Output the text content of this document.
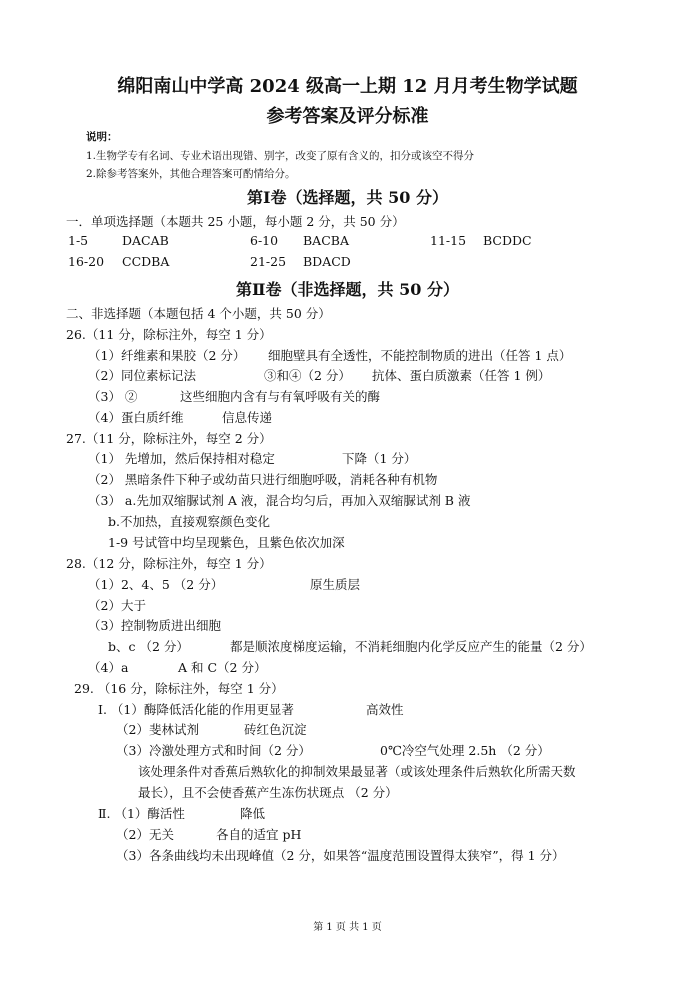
绵阳南山中学高 2024 级高一上期 12 月月考生物学试题
参考答案及评分标准
说明：
1.生物学专有名词、专业术语出现错、别字，改变了原有含义的，扣分或该空不得分
2.除参考答案外，其他合理答案可酌情给分。
第Ⅰ卷（选择题，共 50 分）
一．单项选择题（本题共 25 小题，每小题 2 分，共 50 分）
1-5	DACAB	6-10 BACBA	11-15 BCDDC
16-20 CCDBA	21-25 BDACD
第Ⅱ卷（非选择题，共 50 分）
二、非选择题（本题包括 4 个小题，共 50 分）
26.（11 分，除标注外，每空 1 分）
（1）纤维素和果胶（2 分） 细胞壁具有全透性，不能控制物质的进出（任答 1 点）
（2）同位素标记法	③和④（2 分） 抗体、蛋白质激素（任答 1 例）
（3） ②	这些细胞内含有与有氧呼吸有关的酶
（4）蛋白质纤维	信息传递
27.（11 分，除标注外，每空 2 分）
（1） 先增加，然后保持相对稳定	下降（1 分）
（2） 黑暗条件下种子或幼苗只进行细胞呼吸，消耗各种有机物
（3） a.先加双缩脲试剂 A 液，混合均匀后，再加入双缩脲试剂 B 液
b.不加热，直接观察颜色变化
1-9 号试管中均呈现紫色，且紫色依次加深
28.（12 分，除标注外，每空 1 分）
（1）2、4、5 （2 分）	原生质层
（2）大于
（3）控制物质进出细胞
b、c （2 分）	都是顺浓度梯度运输，不消耗细胞内化学反应产生的能量（2 分）
（4）a	A 和 C（2 分）
29. （16 分，除标注外，每空 1 分）
Ⅰ. （1）酶降低活化能的作用更显著	高效性
（2）斐林试剂	砖红色沉淀
（3）冷激处理方式和时间（2 分）	0℃冷空气处理 2.5h （2 分）
该处理条件对香蕉后熟软化的抑制效果最显著（或该处理条件后熟软化所需天数
最长），且不会使香蕉产生冻伤状斑点 （2 分）
Ⅱ. （1）酶活性	降低
（2）无关	各自的适宜 pH
（3）各条曲线均未出现峰值（2 分，如果答“温度范围设置得太狭窄”，得 1 分）
第 1 页 共 1 页
